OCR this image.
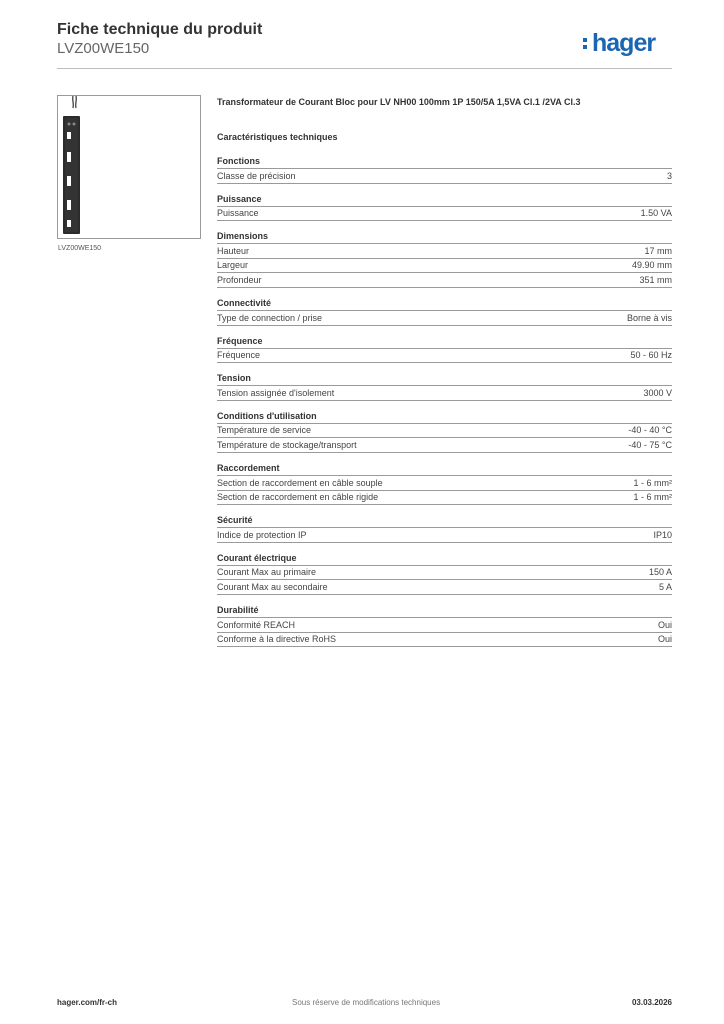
Fiche technique du produit
LVZ00WE150	hager
LVZ00WE150
Transformateur de Courant Bloc pour LV NH00 100mm 1P 150/5A 1,5VA Cl.1 /2VA Cl.3
Caractéristiques techniques
Fonctions
Classe de précision	3
Puissance
Puissance	1.50 VA
Dimensions
Hauteur	17 mm
Largeur	49.90 mm
Profondeur	351 mm
Connectivité
Type de connection / prise	Borne à vis
Fréquence
Fréquence	50 - 60 Hz
Tension
Tension assignée d'isolement	3000 V
Conditions d'utilisation
Température de service	-40 - 40 °C
Température de stockage/transport	-40 - 75 °C
Raccordement
Section de raccordement en câble souple	1 - 6 mm²
Section de raccordement en câble rigide	1 - 6 mm²
Sécurité
Indice de protection IP	IP10
Courant électrique
Courant Max au primaire	150 A
Courant Max au secondaire	5 A
Durabilité
Conformité REACH	Oui
Conforme à la directive RoHS	Oui
hager.com/fr-ch	Sous réserve de modifications techniques	03.03.2026
